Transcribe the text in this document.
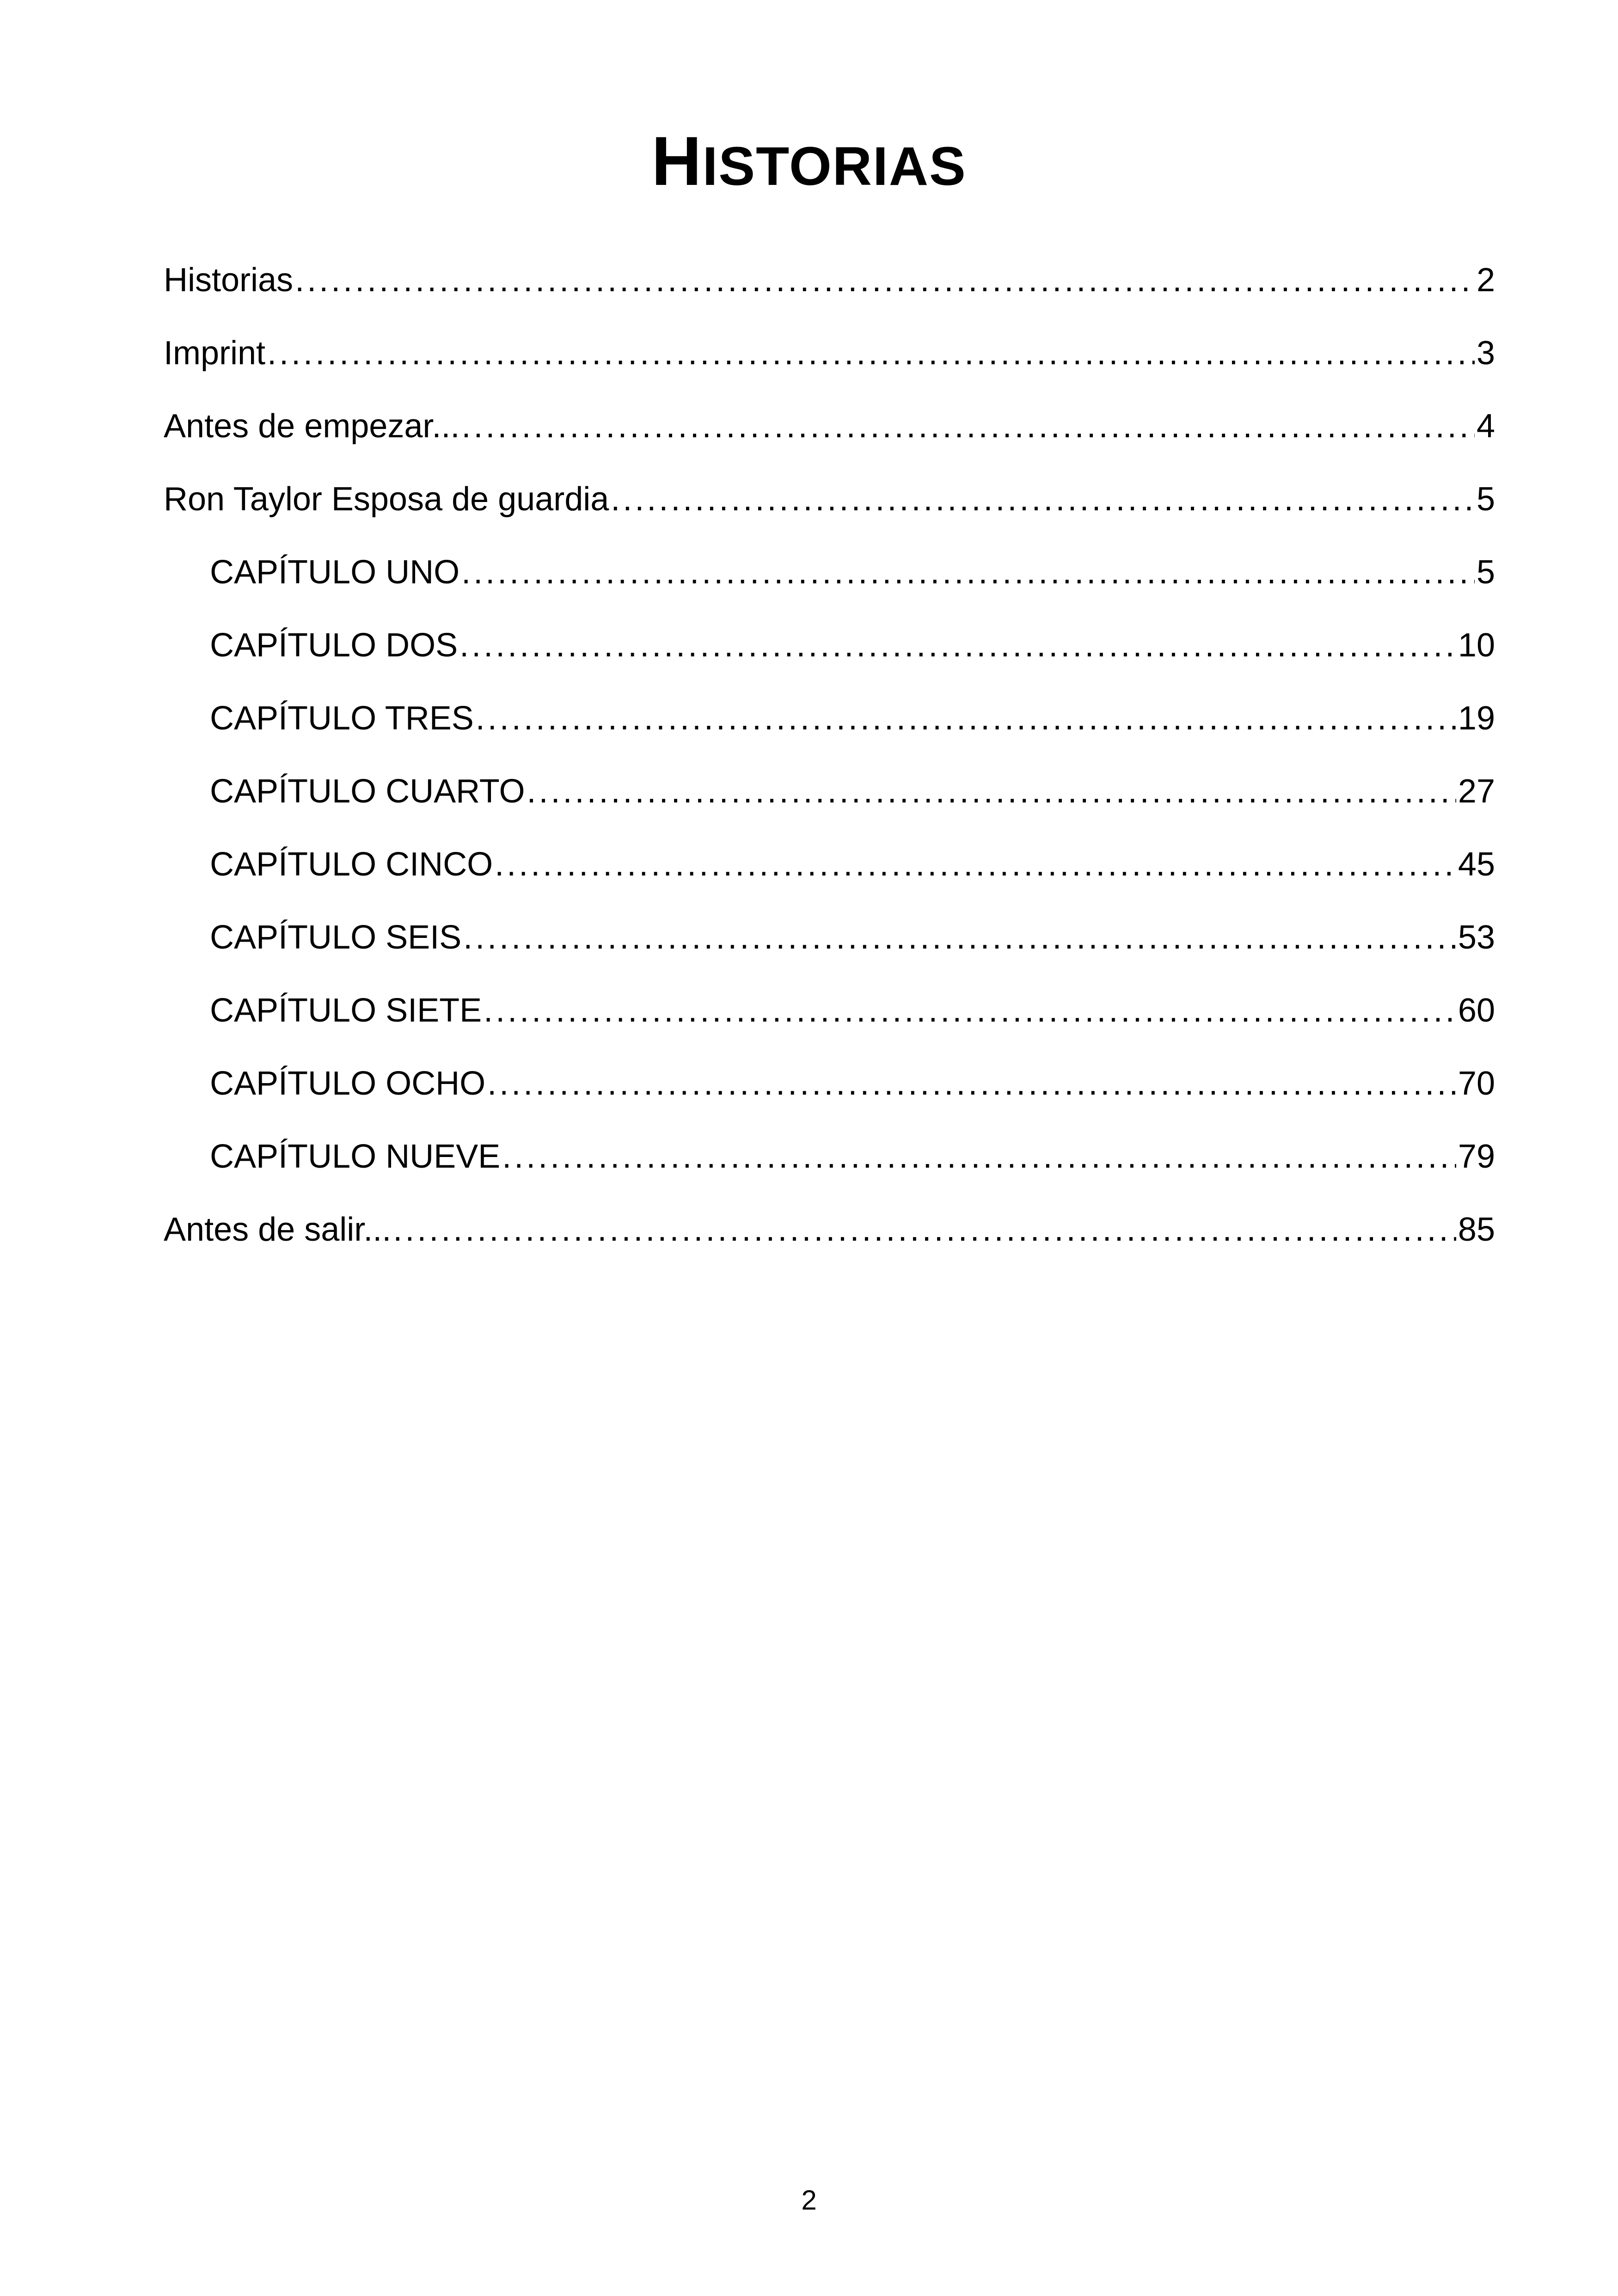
HISTORIAS
Historias .....	2
Imprint .....	3
Antes de empezar... .....	4
Ron Taylor Esposa de guardia .....	5
CAPÍTULO UNO .....	5
CAPÍTULO DOS .....	10
CAPÍTULO TRES .....	19
CAPÍTULO CUARTO .....	27
CAPÍTULO CINCO .....	45
CAPÍTULO SEIS .....	53
CAPÍTULO SIETE .....	60
CAPÍTULO OCHO .....	70
CAPÍTULO NUEVE .....	79
Antes de salir... .....	85
2
